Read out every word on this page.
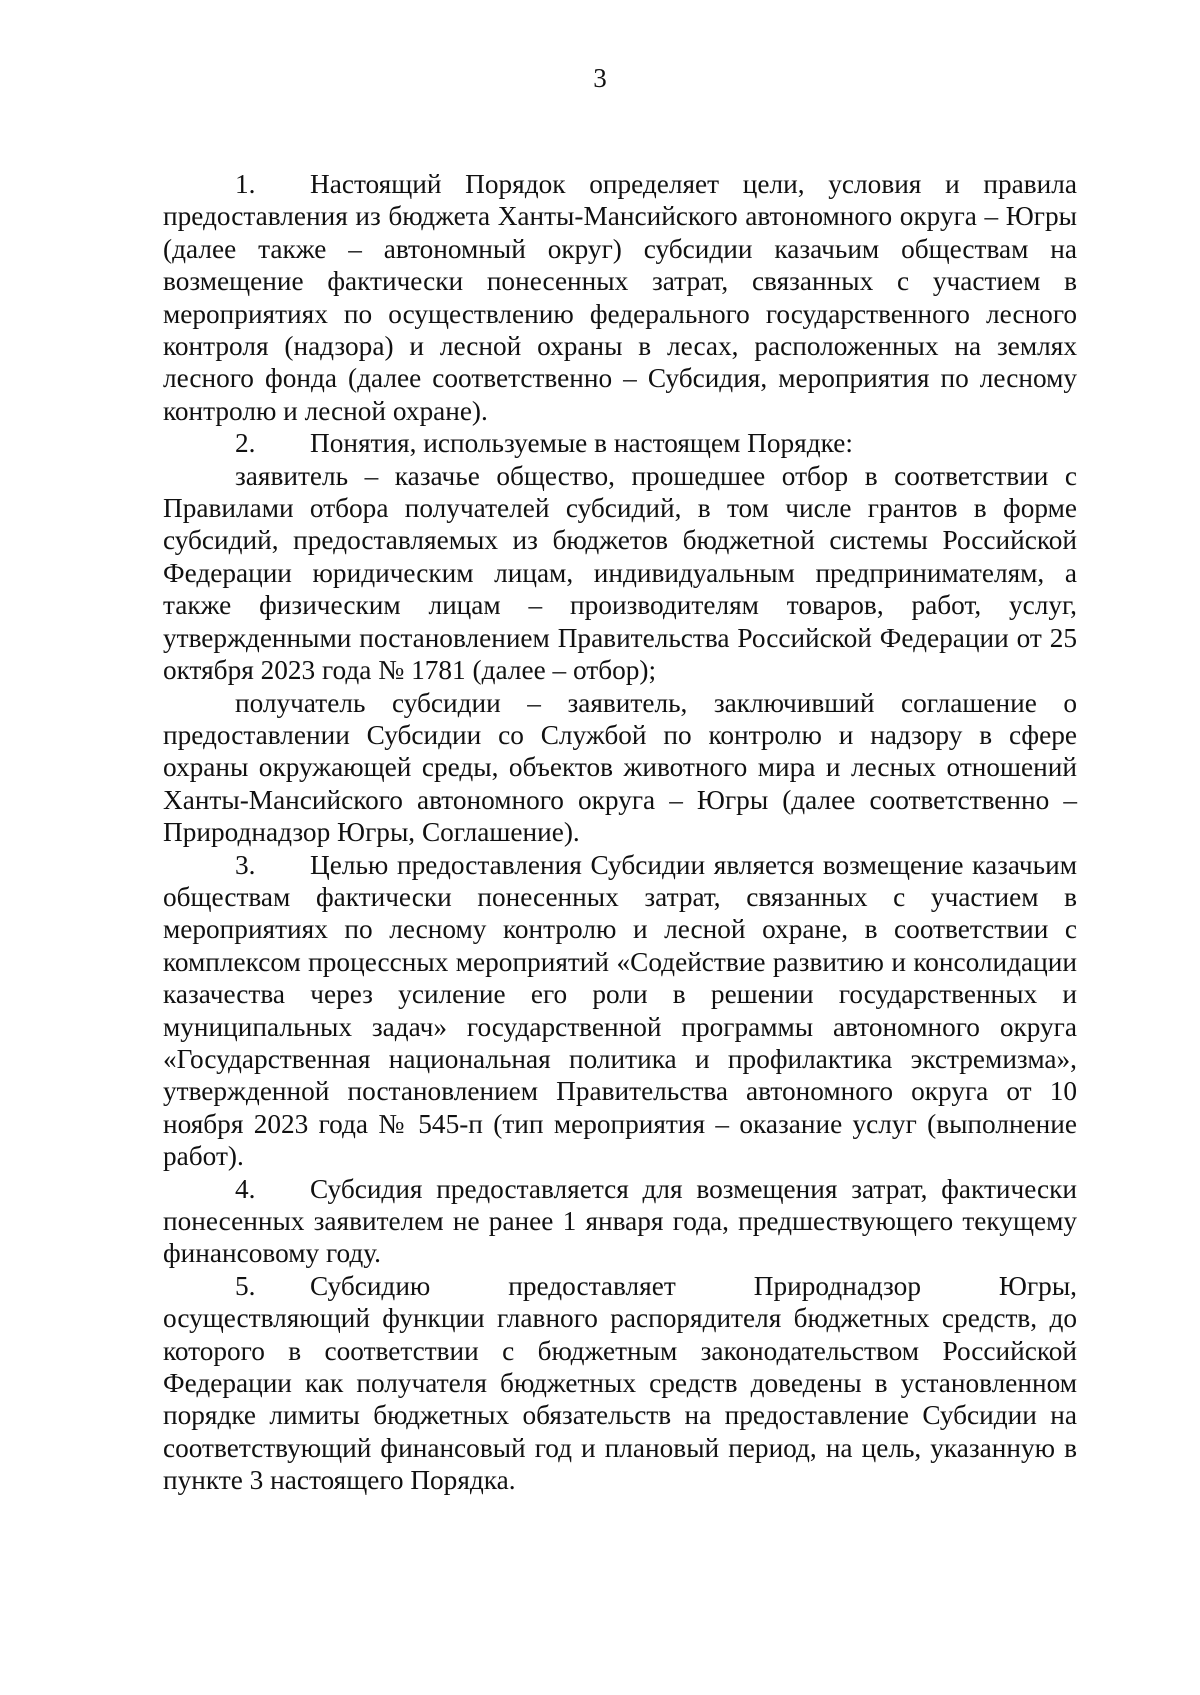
3

1. Настоящий Порядок определяет цели, условия и правила предоставления из бюджета Ханты-Мансийского автономного округа – Югры (далее также – автономный округ) субсидии казачьим обществам на возмещение фактически понесенных затрат, связанных с участием в мероприятиях по осуществлению федерального государственного лесного контроля (надзора) и лесной охраны в лесах, расположенных на землях лесного фонда (далее соответственно – Субсидия, мероприятия по лесному контролю и лесной охране).

2. Понятия, используемые в настоящем Порядке:

заявитель – казачье общество, прошедшее отбор в соответствии с Правилами отбора получателей субсидий, в том числе грантов в форме субсидий, предоставляемых из бюджетов бюджетной системы Российской Федерации юридическим лицам, индивидуальным предпринимателям, а также физическим лицам – производителям товаров, работ, услуг, утвержденными постановлением Правительства Российской Федерации от 25 октября 2023 года № 1781 (далее – отбор);

получатель субсидии – заявитель, заключивший соглашение о предоставлении Субсидии со Службой по контролю и надзору в сфере охраны окружающей среды, объектов животного мира и лесных отношений Ханты-Мансийского автономного округа – Югры (далее соответственно – Природнадзор Югры, Соглашение).

3. Целью предоставления Субсидии является возмещение казачьим обществам фактически понесенных затрат, связанных с участием в мероприятиях по лесному контролю и лесной охране, в соответствии с комплексом процессных мероприятий «Содействие развитию и консолидации казачества через усиление его роли в решении государственных и муниципальных задач» государственной программы автономного округа «Государственная национальная политика и профилактика экстремизма», утвержденной постановлением Правительства автономного округа от 10 ноября 2023 года № 545-п (тип мероприятия – оказание услуг (выполнение работ).

4. Субсидия предоставляется для возмещения затрат, фактически понесенных заявителем не ранее 1 января года, предшествующего текущему финансовому году.

5. Субсидию предоставляет Природнадзор Югры, осуществляющий функции главного распорядителя бюджетных средств, до которого в соответствии с бюджетным законодательством Российской Федерации как получателя бюджетных средств доведены в установленном порядке лимиты бюджетных обязательств на предоставление Субсидии на соответствующий финансовый год и плановый период, на цель, указанную в пункте 3 настоящего Порядка.
